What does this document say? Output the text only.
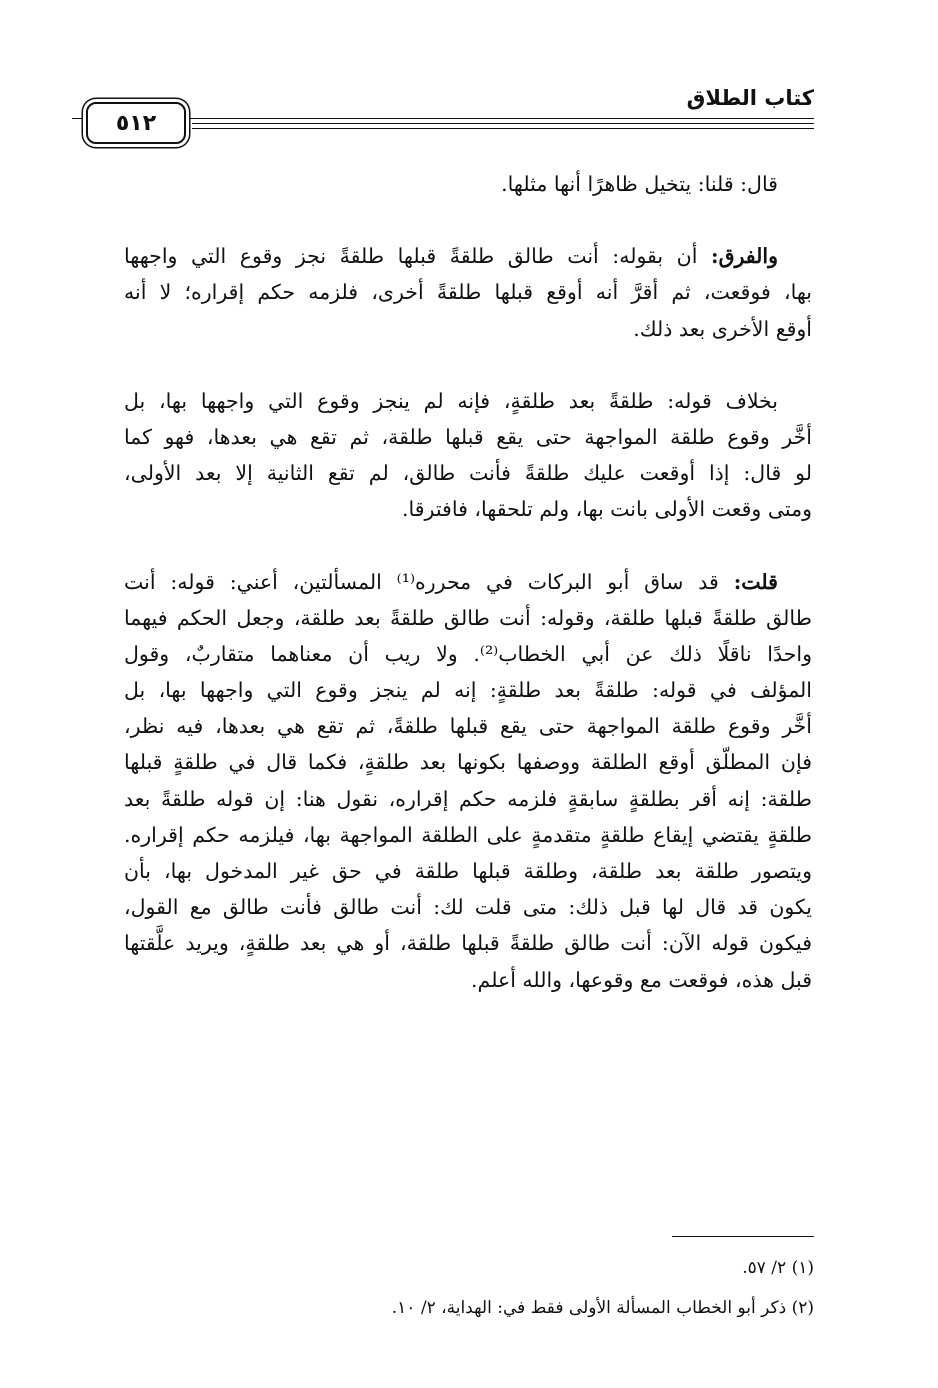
كتاب الطلاق
٥١٢

قال: قلنا: يتخيل ظاهرًا أنها مثلها.

والفرق: أن بقوله: أنت طالق طلقةً قبلها طلقةً نجز وقوع التي واجهها
بها، فوقعت، ثم أقرَّ أنه أوقع قبلها طلقةً أخرى، فلزمه حكم إقراره؛ لا أنه
أوقع الأخرى بعد ذلك.

بخلاف قوله: طلقةً بعد طلقةٍ، فإنه لم ينجز وقوع التي واجهها بها، بل
أخَّر وقوع طلقة المواجهة حتى يقع قبلها طلقة، ثم تقع هي بعدها، فهو كما
لو قال: إذا أوقعت عليك طلقةً فأنت طالق، لم تقع الثانية إلا بعد الأولى،
ومتى وقعت الأولى بانت بها، ولم تلحقها، فافترقا.

قلت: قد ساق أبو البركات في محرره⁽¹⁾ المسألتين، أعني: قوله: أنت
طالق طلقةً قبلها طلقة، وقوله: أنت طالق طلقةً بعد طلقة، وجعل الحكم فيهما
واحدًا ناقلًا ذلك عن أبي الخطاب⁽²⁾. ولا ريب أن معناهما متقاربٌ، وقول
المؤلف في قوله: طلقةً بعد طلقةٍ: إنه لم ينجز وقوع التي واجهها بها، بل
أخَّر وقوع طلقة المواجهة حتى يقع قبلها طلقةً، ثم تقع هي بعدها، فيه نظر،
فإن المطلّق أوقع الطلقة ووصفها بكونها بعد طلقةٍ، فكما قال في طلقةٍ قبلها
طلقة: إنه أقر بطلقةٍ سابقةٍ فلزمه حكم إقراره، نقول هنا: إن قوله طلقةً بعد
طلقةٍ يقتضي إيقاع طلقةٍ متقدمةٍ على الطلقة المواجهة بها، فيلزمه حكم إقراره.
ويتصور طلقة بعد طلقة، وطلقة قبلها طلقة في حق غير المدخول بها، بأن
يكون قد قال لها قبل ذلك: متى قلت لك: أنت طالق فأنت طالق مع القول،
فيكون قوله الآن: أنت طالق طلقةً قبلها طلقة، أو هي بعد طلقةٍ، ويريد علَّقتها
قبل هذه، فوقعت مع وقوعها، والله أعلم.

(١) ٢/ ٥٧.
(٢) ذكر أبو الخطاب المسألة الأولى فقط في: الهداية، ٢/ ١٠.
